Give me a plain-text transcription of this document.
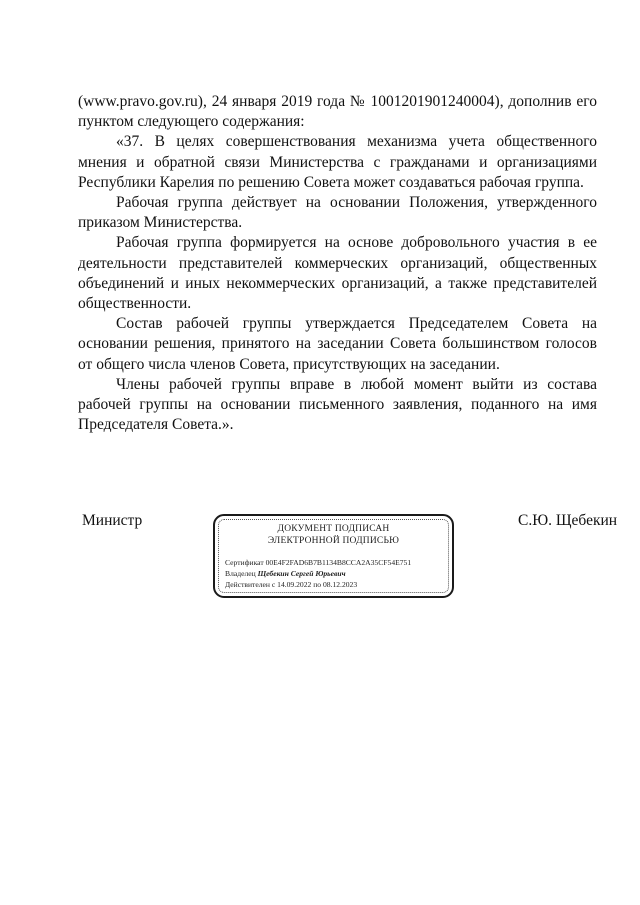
(www.pravo.gov.ru), 24 января 2019 года № 1001201901240004), дополнив его пунктом следующего содержания:

«37. В целях совершенствования механизма учета общественного мнения и обратной связи Министерства с гражданами и организациями Республики Карелия по решению Совета может создаваться рабочая группа.

Рабочая группа действует на основании Положения, утвержденного приказом Министерства.

Рабочая группа формируется на основе добровольного участия в ее деятельности представителей коммерческих организаций, общественных объединений и иных некоммерческих организаций, а также представителей общественности.

Состав рабочей группы утверждается Председателем Совета на основании решения, принятого на заседании Совета большинством голосов от общего числа членов Совета, присутствующих на заседании.

Члены рабочей группы вправе в любой момент выйти из состава рабочей группы на основании письменного заявления, поданного на имя Председателя Совета.».

Министр	ДОКУМЕНТ ПОДПИСАН
ЭЛЕКТРОННОЙ ПОДПИСЬЮ
Сертификат 00E4F2FAD6B7B1134B8CCA2A35CF54E751
Владелец Щебекин Сергей Юрьевич
Действителен с 14.09.2022 по 08.12.2023
С.Ю. Щебекин
